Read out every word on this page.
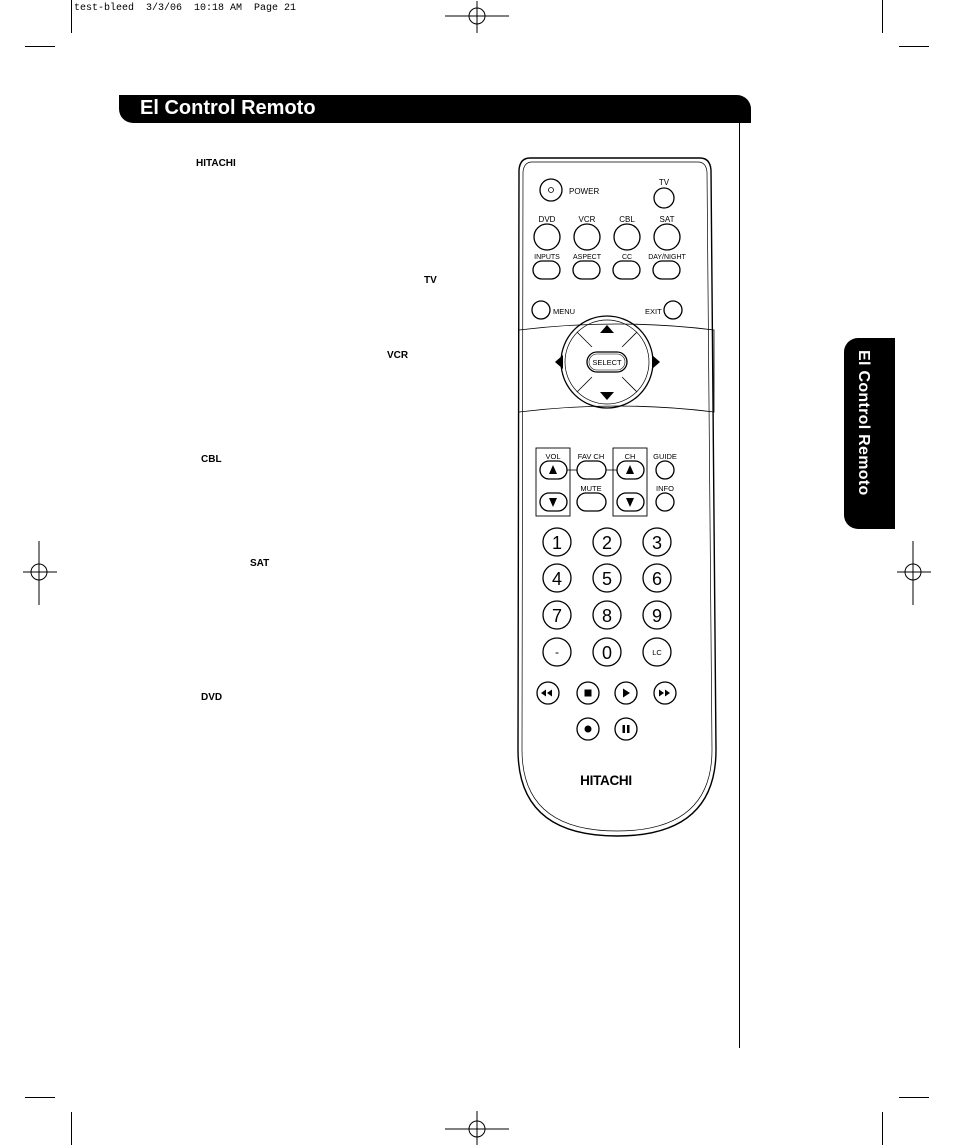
test-bleed  3/3/06  10:18 AM  Page 21
El Control Remoto
El Control Remoto
HITACHI
TV
VCR
CBL
SAT
DVD
POWER
TV
DVD	VCR	CBL	SAT
INPUTS ASPECT	CC DAY/NIGHT
MENU	EXIT
SELECT
VOL FAV CH	CH GUIDE
MUTE	INFO
1 2 3
4 5 6
7 8 9
- 0	LC
HITACHI
